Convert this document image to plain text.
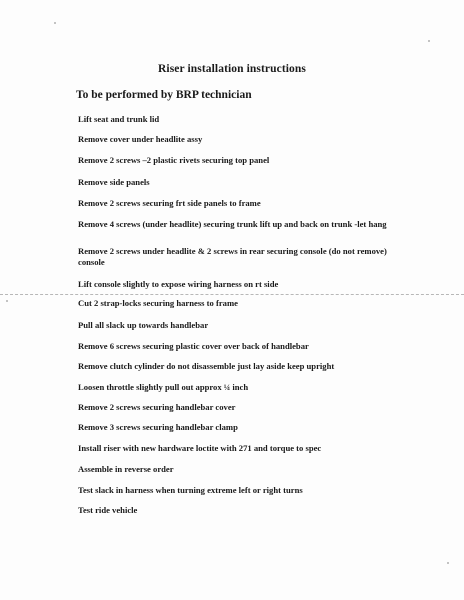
Riser installation instructions
To be performed by BRP technician
Lift seat and trunk lid
Remove cover under headlite assy
Remove 2 screws –2 plastic rivets securing top panel
Remove side panels
Remove 2 screws securing frt side panels to frame
Remove 4 screws (under headlite) securing trunk lift up and back on trunk -let hang
Remove 2 screws under headlite & 2 screws in rear securing console (do not remove) console
Lift console slightly to expose wiring harness on rt side
Cut 2 strap-locks securing harness to frame
Pull all slack up towards handlebar
Remove 6 screws securing plastic cover over back of handlebar
Remove clutch cylinder do not disassemble just lay aside keep upright
Loosen throttle slightly pull out approx ¼ inch
Remove 2 screws securing handlebar cover
Remove 3 screws securing handlebar clamp
Install riser with new hardware loctite with 271 and torque to spec
Assemble in reverse order
Test slack in harness when turning extreme left or right turns
Test ride vehicle
